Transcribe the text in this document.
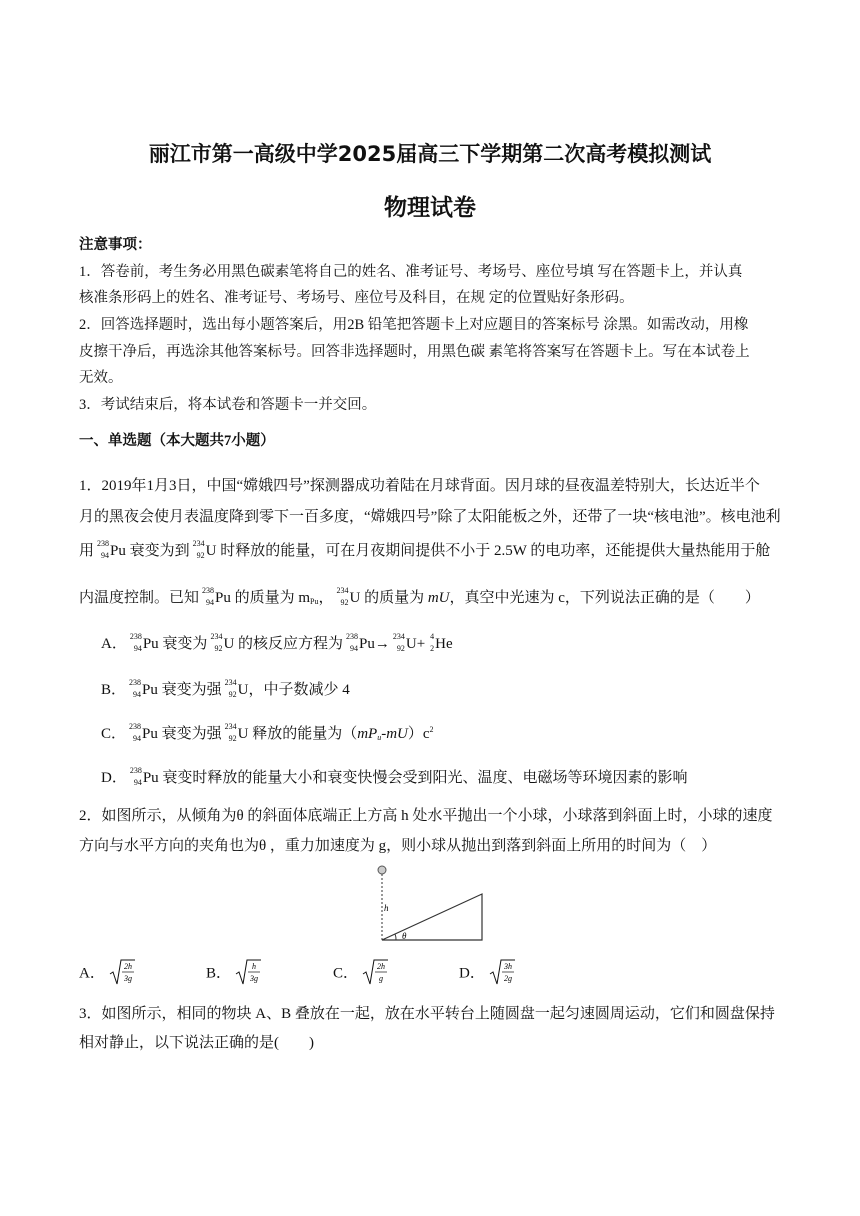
丽江市第一高级中学2025届高三下学期第二次高考模拟测试
物理试卷
注意事项：
1．答卷前，考生务必用黑色碳素笔将自己的姓名、准考证号、考场号、座位号填 写在答题卡上，并认真
核准条形码上的姓名、准考证号、考场号、座位号及科目，在规 定的位置贴好条形码。
2．回答选择题时，选出每小题答案后，用2B 铅笔把答题卡上对应题目的答案标号 涂黑。如需改动，用橡
皮擦干净后，再选涂其他答案标号。回答非选择题时，用黑色碳 素笔将答案写在答题卡上。写在本试卷上
无效。
3．考试结束后，将本试卷和答题卡一并交回。
一、单选题（本大题共7小题）
1．2019年1月3日，中国“嫦娥四号”探测器成功着陆在月球背面。因月球的昼夜温差特别大，长达近半个
月的黑夜会使月表温度降到零下一百多度，“嫦娥四号”除了太阳能板之外，还带了一块“核电池”。核电池利
用 238
94 Pu 衰变为到 234
92 U 时释放的能量，可在月夜期间提供不小于 2.5W 的电功率，还能提供大量热能用于舱
内温度控制。已知 238
94 Pu 的质量为 mPu， 234
92 U 的质量为 mU，真空中光速为 c，下列说法正确的是（　　）
A． 238
94 Pu 衰变为 234
92 U 的核反应方程为 238
94 Pu→ 234
92 U+ 4
2 He
B． 238
94 Pu 衰变为强 234
92 U，中子数减少 4
C． 238
94 Pu 衰变为强 234
92 U 释放的能量为$(mPu-mU)c^2$
D． 238
94 Pu 衰变时释放的能量大小和衰变快慢会受到阳光、温度、电磁场等环境因素的影响
2．如图所示，从倾角为θ 的斜面体底端正上方高 h 处水平抛出一个小球，小球落到斜面上时，小球的速度
方向与水平方向的夹角也为θ ，重力加速度为 g，则小球从抛出到落到斜面上所用的时间为（　）
h
θ
A． 2h
3g	B．	h
3g	C． 2h
g	D． 3h
2g
3．如图所示，相同的物块 A、B 叠放在一起，放在水平转台上随圆盘一起匀速圆周运动，它们和圆盘保持
相对静止，以下说法正确的是(　　)
